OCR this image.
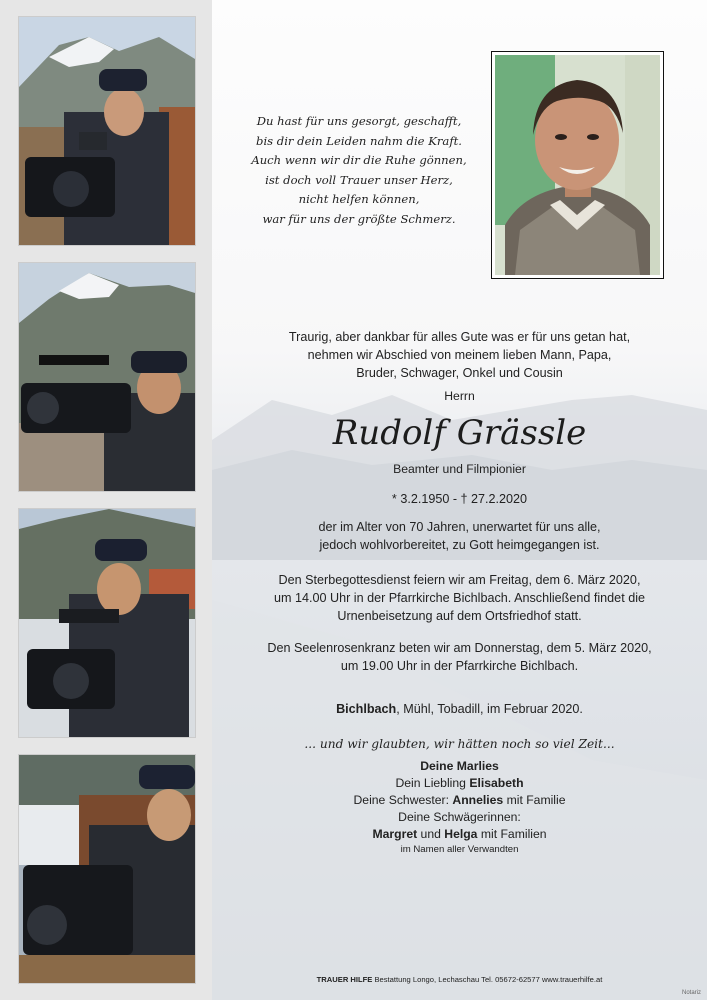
Du hast für uns gesorgt, geschafft,
bis dir dein Leiden nahm die Kraft.
Auch wenn wir dir die Ruhe gönnen,
ist doch voll Trauer unser Herz,
nicht helfen können,
war für uns der größte Schmerz.
Traurig, aber dankbar für alles Gute was er für uns getan hat,
nehmen wir Abschied von meinem lieben Mann, Papa,
Bruder, Schwager, Onkel und Cousin
Herrn
Rudolf Grässle
Beamter und Filmpionier
* 3.2.1950 - † 27.2.2020
der im Alter von 70 Jahren, unerwartet für uns alle,
jedoch wohlvorbereitet, zu Gott heimgegangen ist.
Den Sterbegottesdienst feiern wir am Freitag, dem 6. März 2020,
um 14.00 Uhr in der Pfarrkirche Bichlbach. Anschließend findet die
Urnenbeisetzung auf dem Ortsfriedhof statt.
Den Seelenrosenkranz beten wir am Donnerstag, dem 5. März 2020,
um 19.00 Uhr in der Pfarrkirche Bichlbach.
Bichlbach, Mühl, Tobadill, im Februar 2020.
... und wir glaubten, wir hätten noch so viel Zeit...
Deine Marlies
Dein Liebling Elisabeth
Deine Schwester: Annelies mit Familie
Deine Schwägerinnen:
Margret und Helga mit Familien
im Namen aller Verwandten
TRAUER HILFE Bestattung Longo, Lechaschau Tel. 05672-62577 www.trauerhilfe.at
Notariz
